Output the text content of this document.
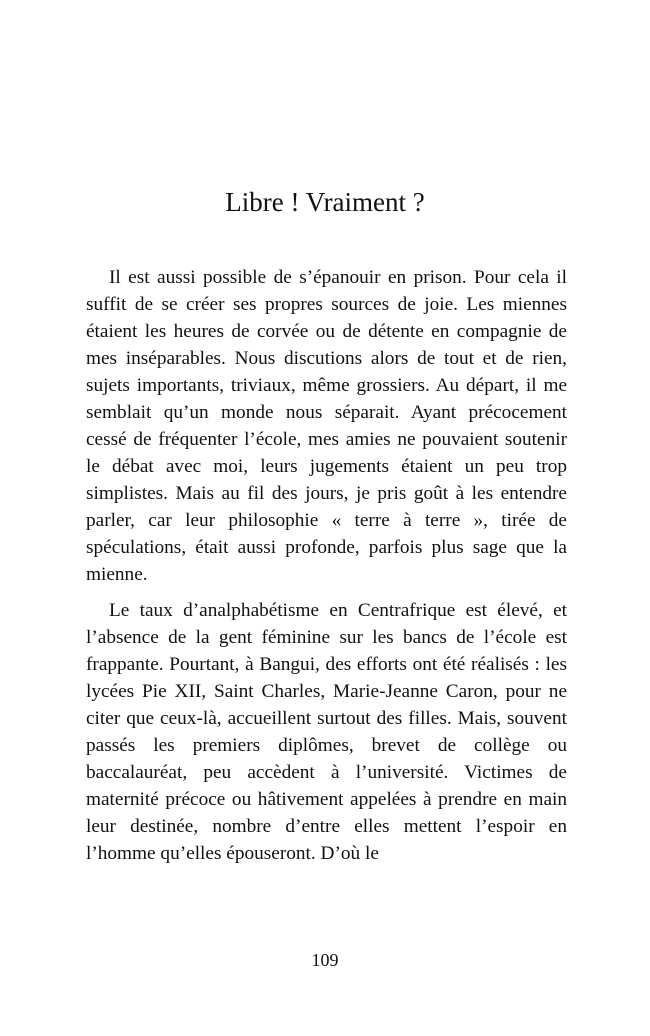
Libre ! Vraiment ?

Il est aussi possible de s’épanouir en prison. Pour cela il suffit de se créer ses propres sources de joie. Les miennes étaient les heures de corvée ou de détente en compagnie de mes inséparables. Nous discutions alors de tout et de rien, sujets importants, triviaux, même grossiers. Au départ, il me semblait qu’un monde nous séparait. Ayant précocement cessé de fréquenter l’école, mes amies ne pouvaient soutenir le débat avec moi, leurs jugements étaient un peu trop simplistes. Mais au fil des jours, je pris goût à les entendre parler, car leur philosophie « terre à terre », tirée de spéculations, était aussi profonde, parfois plus sage que la mienne.

Le taux d’analphabétisme en Centrafrique est élevé, et l’absence de la gent féminine sur les bancs de l’école est frappante. Pourtant, à Bangui, des efforts ont été réalisés : les lycées Pie XII, Saint Charles, Marie-Jeanne Caron, pour ne citer que ceux-là, accueillent surtout des filles. Mais, souvent passés les premiers diplômes, brevet de collège ou baccalauréat, peu accèdent à l’université. Victimes de maternité précoce ou hâtivement appelées à prendre en main leur destinée, nombre d’entre elles mettent l’espoir en l’homme qu’elles épouseront. D’où le

109
